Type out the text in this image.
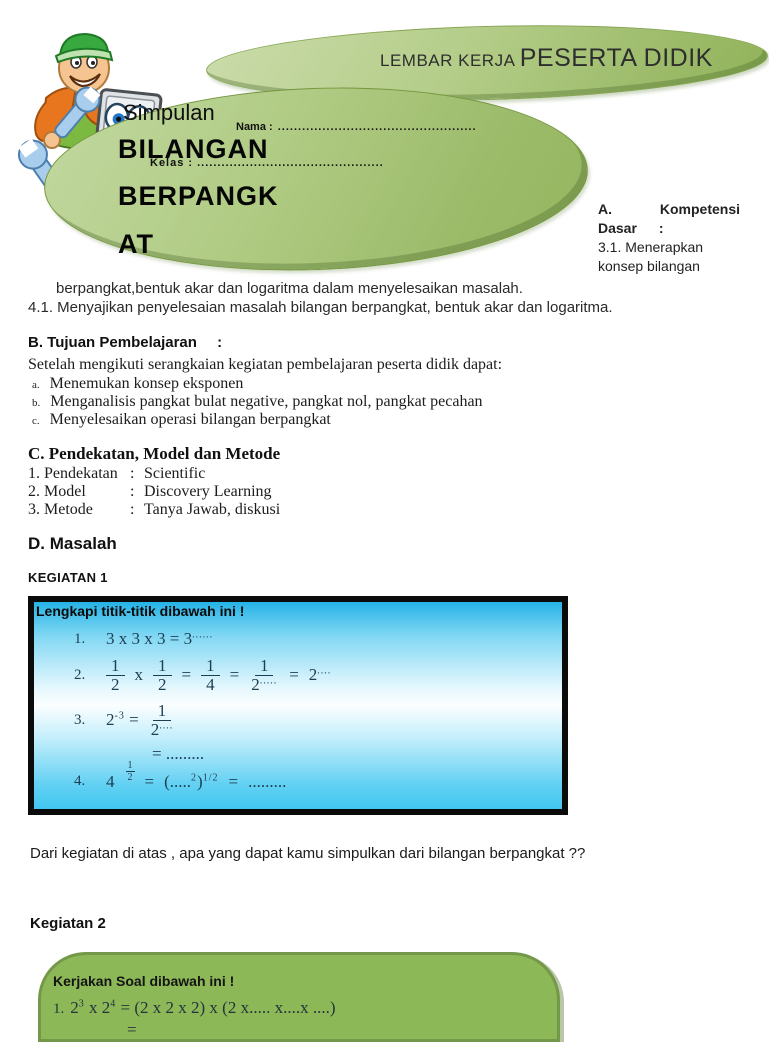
LEMBAR KERJA PESERTA DIDIK
Simpulan
Nama : .................................................
Kelas : ..............................................
BILANGAN
BERPANGK
AT
A.	Kompetensi
Dasar :
3.1. Menerapkan
konsep bilangan
berpangkat,bentuk akar dan logaritma dalam menyelesaikan masalah.
4.1. Menyajikan penyelesaian masalah bilangan berpangkat, bentuk akar dan logaritma.
B. Tujuan Pembelajaran :
Setelah mengikuti serangkaian kegiatan pembelajaran peserta didik dapat:
a. Menemukan konsep eksponen
b. Menganalisis pangkat bulat negative, pangkat nol, pangkat pecahan
c. Menyelesaikan operasi bilangan berpangkat
C. Pendekatan, Model dan Metode
1. Pendekatan : Scientific
2. Model	: Discovery Learning
3. Metode	: Tanya Jawab, diskusi
D. Masalah
KEGIATAN 1
Lengkapi titik-titik dibawah ini !
1.	3 x 3 x 3 = 3......
2.	$\frac{1}{2}$ x $\frac{1}{2} = \frac{1}{4} = \frac{1}{2^{.....}} = 2^{....}$
3.	$2^{-3} = \frac{1}{2^{....}}$
= .........
4.	$4 \frac{1}{2} = (.....^2)^{1/2}$ = .........
Dari kegiatan di atas , apa yang dapat kamu simpulkan dari bilangan berpangkat ??
Kegiatan 2
Kerjakan Soal dibawah ini !
1. $2^3$ x $2^4 = (2$ x 2 x 2) x (2 x..... x....x ....)
=
